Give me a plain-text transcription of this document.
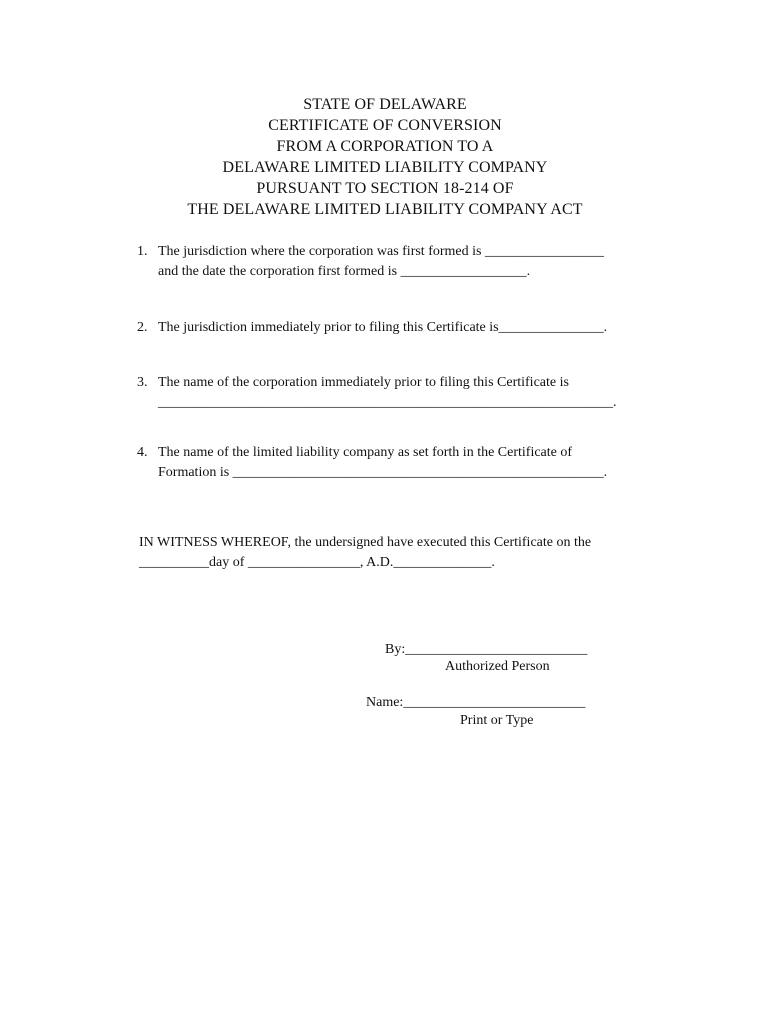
STATE OF DELAWARE
CERTIFICATE OF CONVERSION
FROM A CORPORATION TO A
DELAWARE LIMITED LIABILITY COMPANY
PURSUANT TO SECTION 18-214 OF
THE DELAWARE LIMITED LIABILITY COMPANY ACT
1. The jurisdiction where the corporation was first formed is _________________
and the date the corporation first formed is __________________.
2. The jurisdiction immediately prior to filing this Certificate is_______________.
3. The name of the corporation immediately prior to filing this Certificate is
_________________________________________________________________.
4. The name of the limited liability company as set forth in the Certificate of
Formation is _____________________________________________________.
IN WITNESS WHEREOF, the undersigned have executed this Certificate on the
__________day of ________________, A.D.______________.
By:__________________________
Authorized Person
Name:__________________________
Print or Type
